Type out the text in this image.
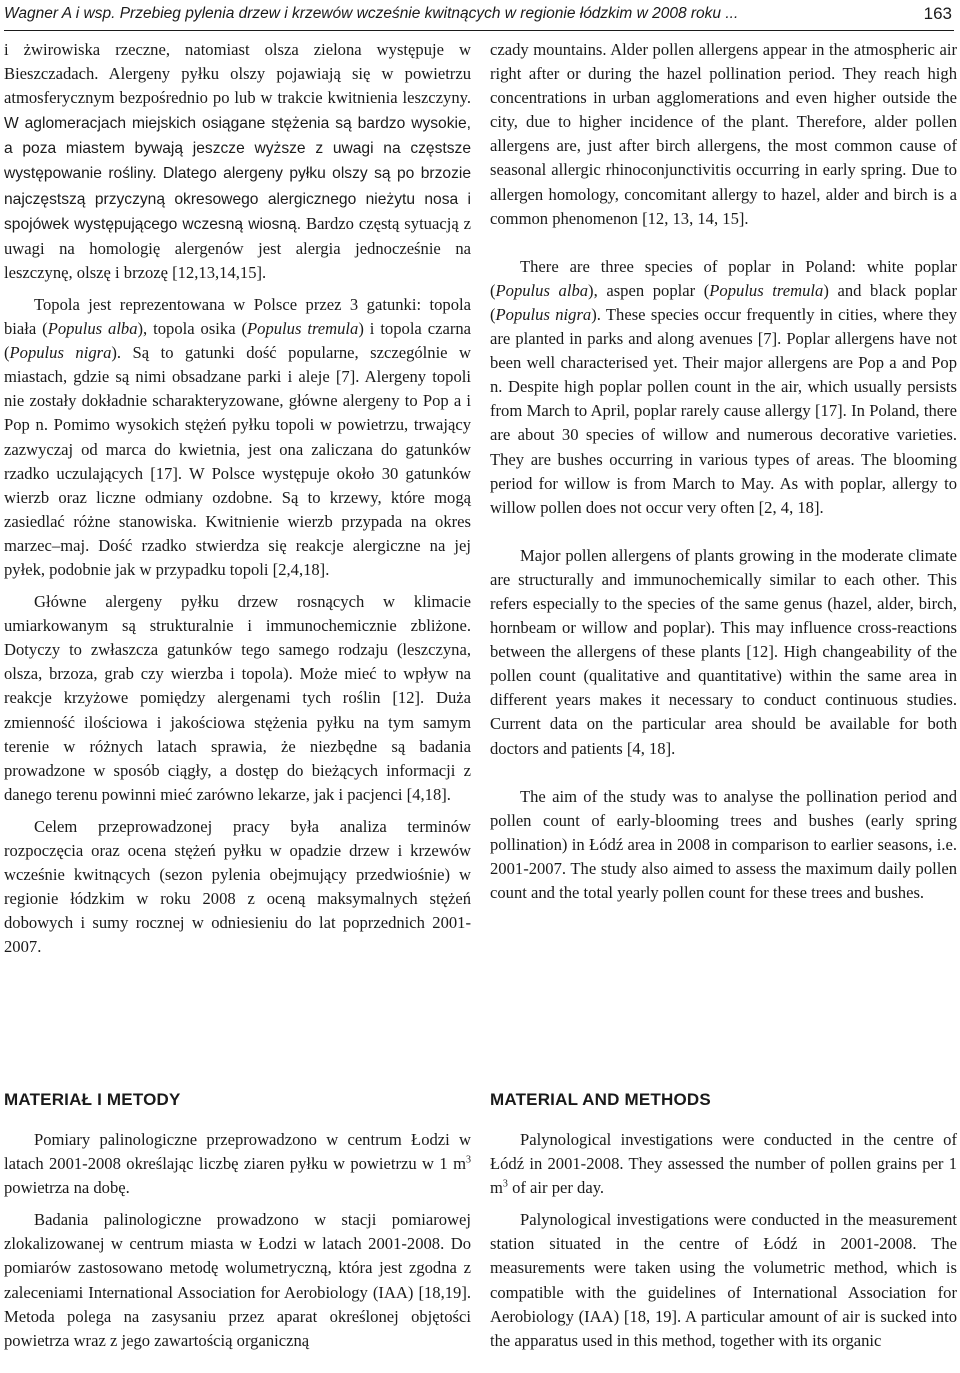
Wagner A i wsp. Przebieg pylenia drzew i krzewów wcześnie kwitnących w regionie łódzkim w 2008 roku ...	163

i żwirowiska rzeczne, natomiast olsza zielona występuje w Bieszczadach. Alergeny pyłku olszy pojawiają się w powietrzu atmosferycznym bezpośrednio po lub w trakcie kwitnienia leszczyny. W aglomeracjach miejskich osiągane stężenia są bardzo wysokie, a poza miastem bywają jeszcze wyższe z uwagi na częstsze występowanie rośliny. Dlatego alergeny pyłku olszy są po brzozie najczęstszą przyczyną okresowego alergicznego nieżytu nosa i spojówek występującego wczesną wiosną. Bardzo częstą sytuacją z uwagi na homologię alergenów jest alergia jednocześnie na leszczynę, olszę i brzozę [12,13,14,15].

Topola jest reprezentowana w Polsce przez 3 gatunki: topola biała (Populus alba), topola osika (Populus tremula) i topola czarna (Populus nigra). Są to gatunki dość popularne, szczególnie w miastach, gdzie są nimi obsadzane parki i aleje [7]. Alergeny topoli nie zostały dokładnie scharakteryzowane, główne alergeny to Pop a i Pop n. Pomimo wysokich stężeń pyłku topoli w powietrzu, trwający zazwyczaj od marca do kwietnia, jest ona zaliczana do gatunków rzadko uczulających [17]. W Polsce występuje około 30 gatunków wierzb oraz liczne odmiany ozdobne. Są to krzewy, które mogą zasiedlać różne stanowiska. Kwitnienie wierzb przypada na okres marzec–maj. Dość rzadko stwierdza się reakcje alergiczne na jej pyłek, podobnie jak w przypadku topoli [2,4,18].

Główne alergeny pyłku drzew rosnących w klimacie umiarkowanym są strukturalnie i immunochemicznie zbliżone. Dotyczy to zwłaszcza gatunków tego samego rodzaju (leszczyna, olsza, brzoza, grab czy wierzba i topola). Może mieć to wpływ na reakcje krzyżowe pomiędzy alergenami tych roślin [12]. Duża zmienność ilościowa i jakościowa stężenia pyłku na tym samym terenie w różnych latach sprawia, że niezbędne są badania prowadzone w sposób ciągły, a dostęp do bieżących informacji z danego terenu powinni mieć zarówno lekarze, jak i pacjenci [4,18].

Celem przeprowadzonej pracy była analiza terminów rozpoczęcia oraz ocena stężeń pyłku w opadzie drzew i krzewów wcześnie kwitnących (sezon pylenia obejmujący przedwiośnie) w regionie łódzkim w roku 2008 z oceną maksymalnych stężeń dobowych i sumy rocznej w odniesieniu do lat poprzednich 2001-2007.

czady mountains. Alder pollen allergens appear in the atmospheric air right after or during the hazel pollination period. They reach high concentrations in urban agglomerations and even higher outside the city, due to higher incidence of the plant. Therefore, alder pollen allergens are, just after birch allergens, the most common cause of seasonal allergic rhinoconjunctivitis occurring in early spring. Due to allergen homology, concomitant allergy to hazel, alder and birch is a common phenomenon [12, 13, 14, 15].

There are three species of poplar in Poland: white poplar (Populus alba), aspen poplar (Populus tremula) and black poplar (Populus nigra). These species occur frequently in cities, where they are planted in parks and along avenues [7]. Poplar allergens have not been well characterised yet. Their major allergens are Pop a and Pop n. Despite high poplar pollen count in the air, which usually persists from March to April, poplar rarely cause allergy [17]. In Poland, there are about 30 species of willow and numerous decorative varieties. They are bushes occurring in various types of areas. The blooming period for willow is from March to May. As with poplar, allergy to willow pollen does not occur very often [2, 4, 18].

Major pollen allergens of plants growing in the moderate climate are structurally and immunochemically similar to each other. This refers especially to the species of the same genus (hazel, alder, birch, hornbeam or willow and poplar). This may influence cross-reactions between the allergens of these plants [12]. High changeability of the pollen count (qualitative and quantitative) within the same area in different years makes it necessary to conduct continuous studies. Current data on the particular area should be available for both doctors and patients [4, 18].

The aim of the study was to analyse the pollination period and pollen count of early-blooming trees and bushes (early spring pollination) in Łódź area in 2008 in comparison to earlier seasons, i.e. 2001-2007. The study also aimed to assess the maximum daily pollen count and the total yearly pollen count for these trees and bushes.

MATERIAŁ I METODY	MATERIAL AND METHODS

Pomiary palinologiczne przeprowadzono w centrum Łodzi w latach 2001-2008 określając liczbę ziaren pyłku w powietrzu w 1 $m^3$ powietrza na dobę.

Badania palinologiczne prowadzono w stacji pomiarowej zlokalizowanej w centrum miasta w Łodzi w latach 2001-2008. Do pomiarów zastosowano metodę wolumetryczną, która jest zgodna z zaleceniami International Association for Aerobiology (IAA) [18,19]. Metoda polega na zasysaniu przez aparat określonej objętości powietrza wraz z jego zawartością organiczną

Palynological investigations were conducted in the centre of Łódź in 2001-2008. They assessed the number of pollen grains per 1 $m^3$ of air per day.

Palynological investigations were conducted in the measurement station situated in the centre of Łódź in 2001-2008. The measurements were taken using the volumetric method, which is compatible with the guidelines of International Association for Aerobiology (IAA) [18, 19]. A particular amount of air is sucked into the apparatus used in this method, together with its organic
